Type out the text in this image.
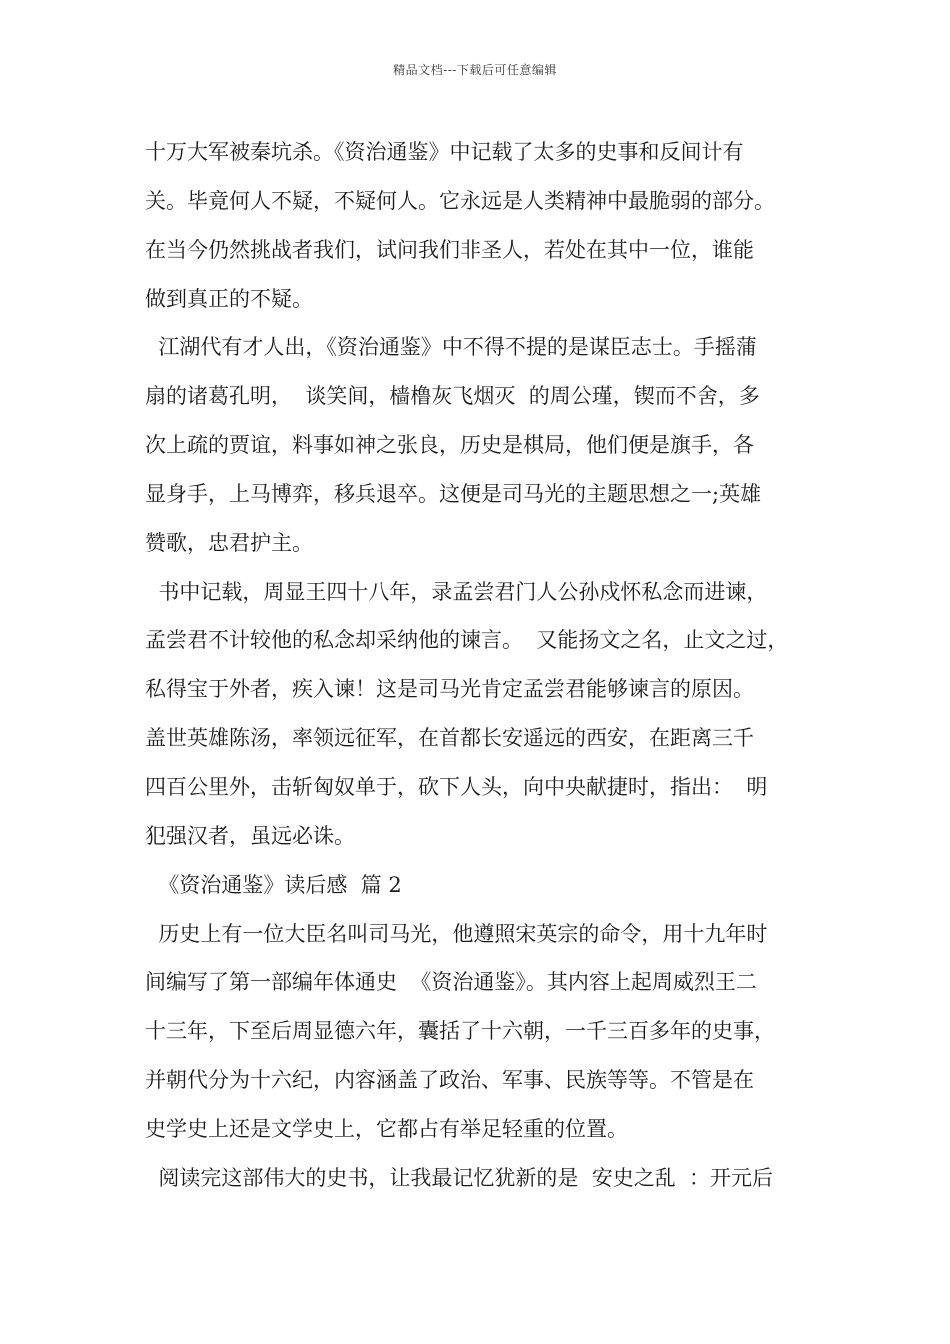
精品文档---下载后可任意编辑
十万大军被秦坑杀。《资治通鉴》中记载了太多的史事和反间计有
关。毕竟何人不疑，不疑何人。它永远是人类精神中最脆弱的部分。
在当今仍然挑战者我们，试问我们非圣人，若处在其中一位，谁能
做到真正的不疑。
江湖代有才人出，《资治通鉴》中不得不提的是谋臣志士。手摇蒲
扇的诸葛孔明，  谈笑间，樯橹灰飞烟灭  的周公瑾，锲而不舍，多
次上疏的贾谊，料事如神之张良，历史是棋局，他们便是旗手，各
显身手，上马博弈，移兵退卒。这便是司马光的主题思想之一;英雄
赞歌，忠君护主。
书中记载，周显王四十八年，录孟尝君门人公孙戍怀私念而进谏，
孟尝君不计较他的私念却采纳他的谏言。  又能扬文之名，止文之过，
私得宝于外者，疾入谏！这是司马光肯定孟尝君能够谏言的原因。
盖世英雄陈汤，率领远征军，在首都长安遥远的西安，在距离三千
四百公里外，击斩匈奴单于，砍下人头，向中央献捷时，指出：  明
犯强汉者，虽远必诛。
《资治通鉴》读后感  篇 2
历史上有一位大臣名叫司马光，他遵照宋英宗的命令，用十九年时
间编写了第一部编年体通史  《资治通鉴》。其内容上起周威烈王二
十三年，下至后周显德六年，囊括了十六朝，一千三百多年的史事，
并朝代分为十六纪，内容涵盖了政治、军事、民族等等。不管是在
史学史上还是文学史上，它都占有举足轻重的位置。
阅读完这部伟大的史书，让我最记忆犹新的是  安史之乱  ：开元后
